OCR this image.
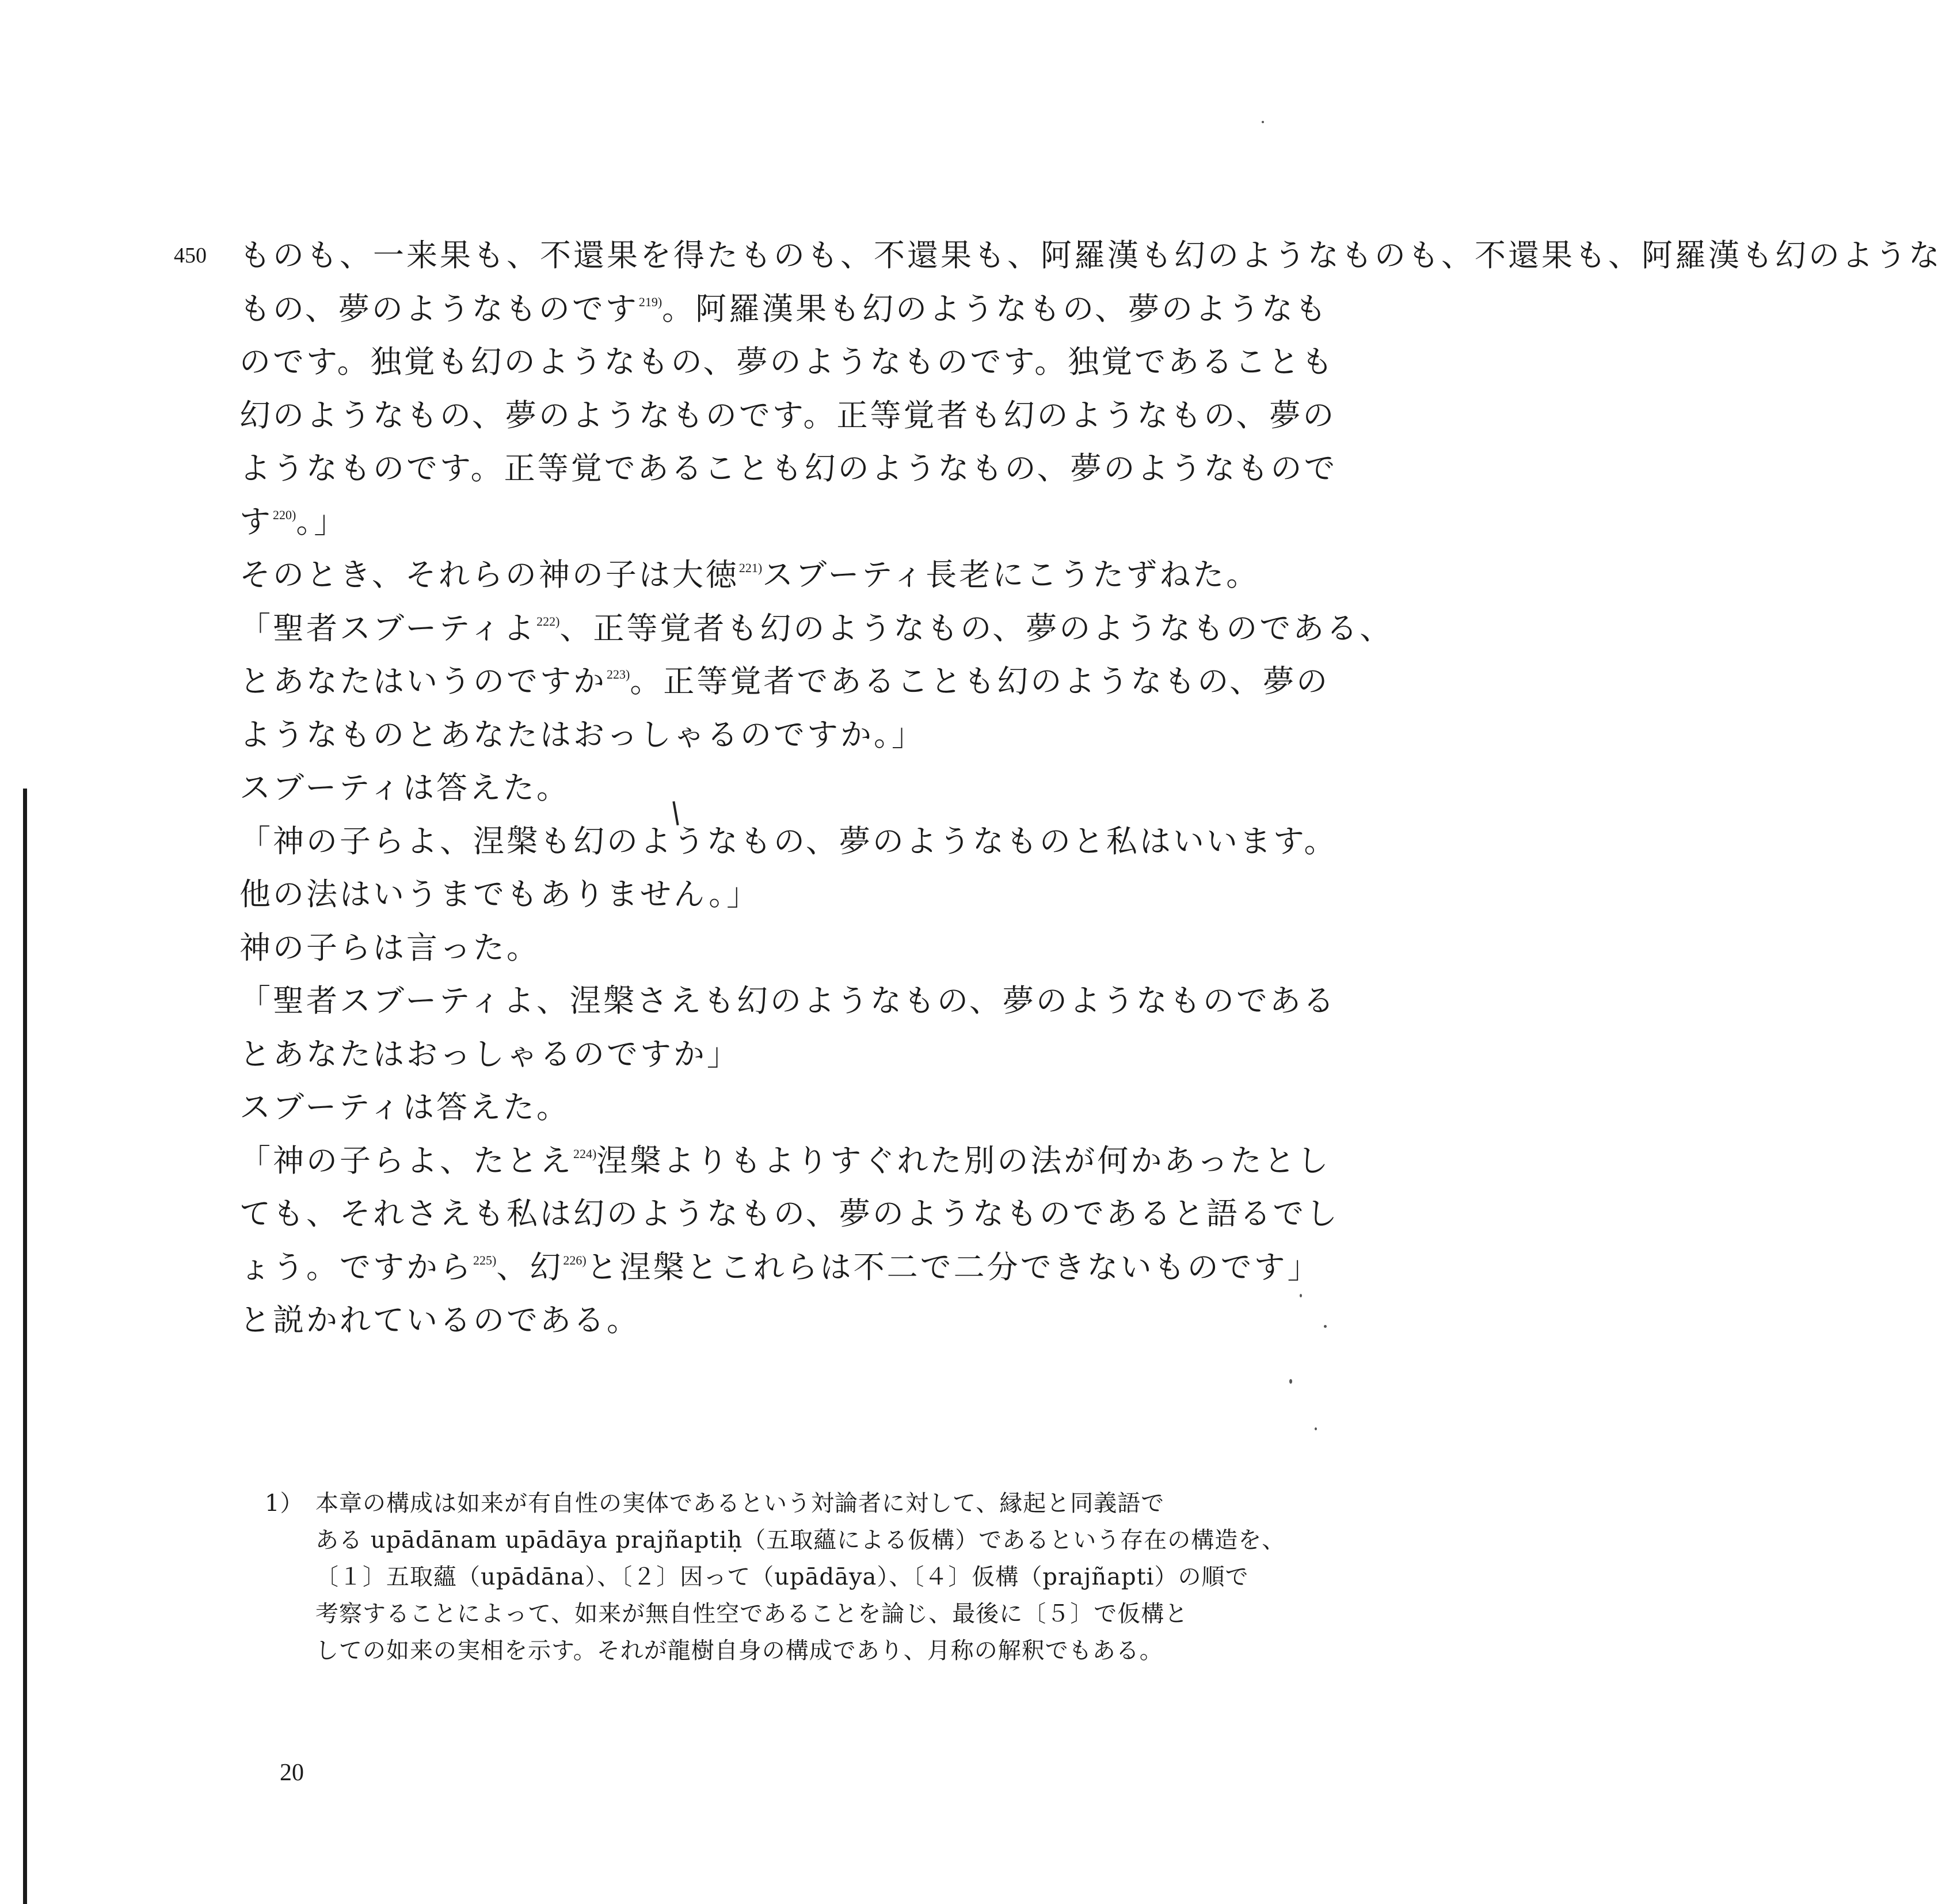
450 ものも、一来果も、不還果を得たものも、不還果も、阿羅漢も幻のようなものも、不還果も、阿羅漢も幻のような
もの、夢のようなものです$^{219)}$。阿羅漢果も幻のようなもの、夢のようなも
のです。独覚も幻のようなもの、夢のようなものです。独覚であることも
幻のようなもの、夢のようなものです。正等覚者も幻のようなもの、夢の
ようなものです。正等覚であることも幻のようなもの、夢のようなもので
す$^{220)}$。」
そのとき、それらの神の子は大徳$^{221)}$スブーティ長老にこうたずねた。
「聖者スブーティよ$^{222)}$、正等覚者も幻のようなもの、夢のようなものである、
とあなたはいうのですか$^{223)}$。正等覚者であることも幻のようなもの、夢の
ようなものとあなたはおっしゃるのですか。」
スブーティは答えた。
「神の子らよ、涅槃も幻のようなもの、夢のようなものと私はいいます。
他の法はいうまでもありません。」
神の子らは言った。
「聖者スブーティよ、涅槃さえも幻のようなもの、夢のようなものである
とあなたはおっしゃるのですか」
スブーティは答えた。
「神の子らよ、たとえ$^{224)}$涅槃よりもよりすぐれた別の法が何かあったとし
ても、それさえも私は幻のようなもの、夢のようなものであると語るでし
ょう。ですから$^{225)}$、幻$^{226)}$と涅槃とこれらは不二で二分できないものです」
と説かれているのである。
1） 本章の構成は如来が有自性の実体であるという対論者に対して、縁起と同義語で
ある upādānam upādāya prajñaptiḥ（五取蘊による仮構）であるという存在の構造を、
〔１〕五取蘊（upādāna）、〔２〕因って（upādāya）、〔４〕仮構（prajñapti）の順で
考察することによって、如来が無自性空であることを論じ、最後に〔５〕で仮構と
しての如来の実相を示す。それが龍樹自身の構成であり、月称の解釈でもある。
20
